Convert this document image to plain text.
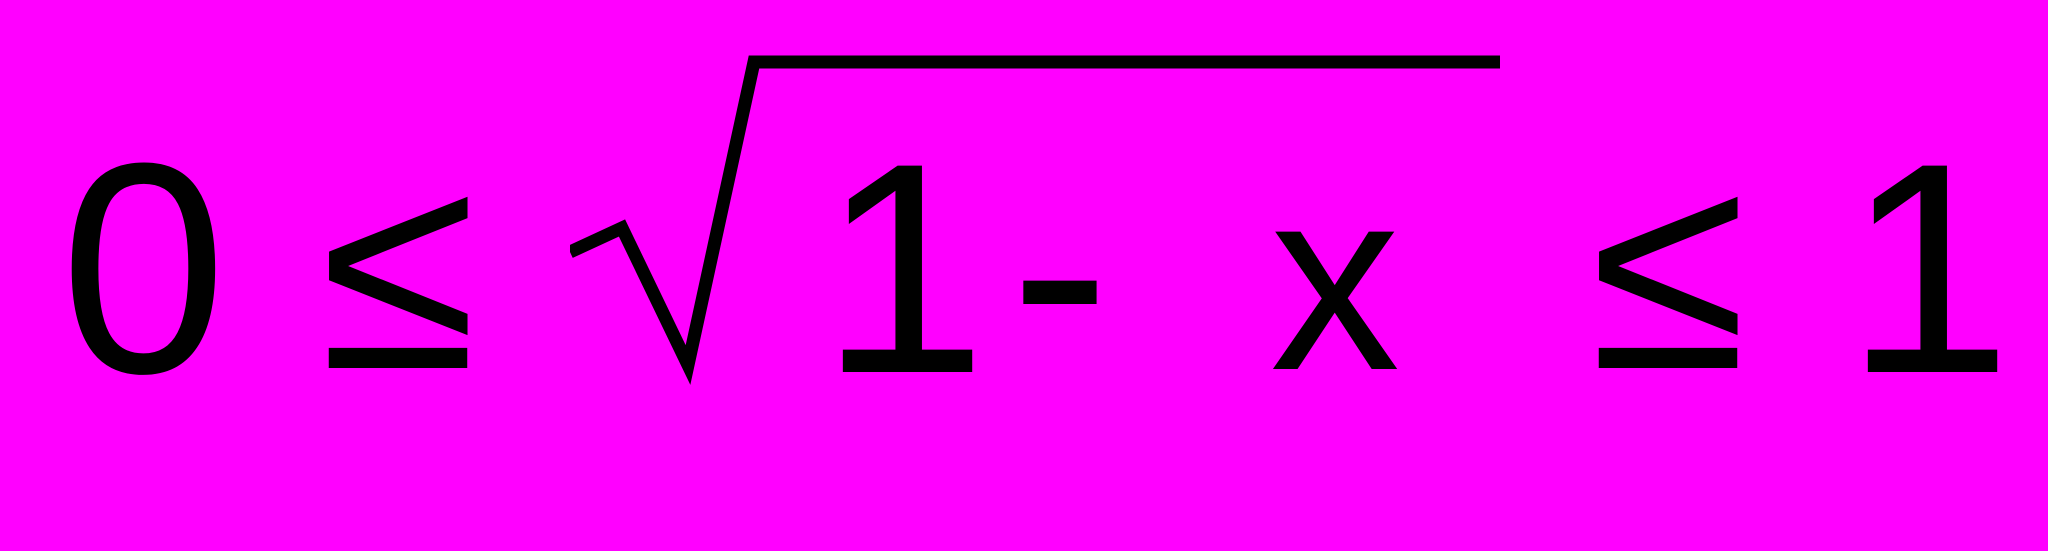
0 ≤ 1 - x ≤ 1
